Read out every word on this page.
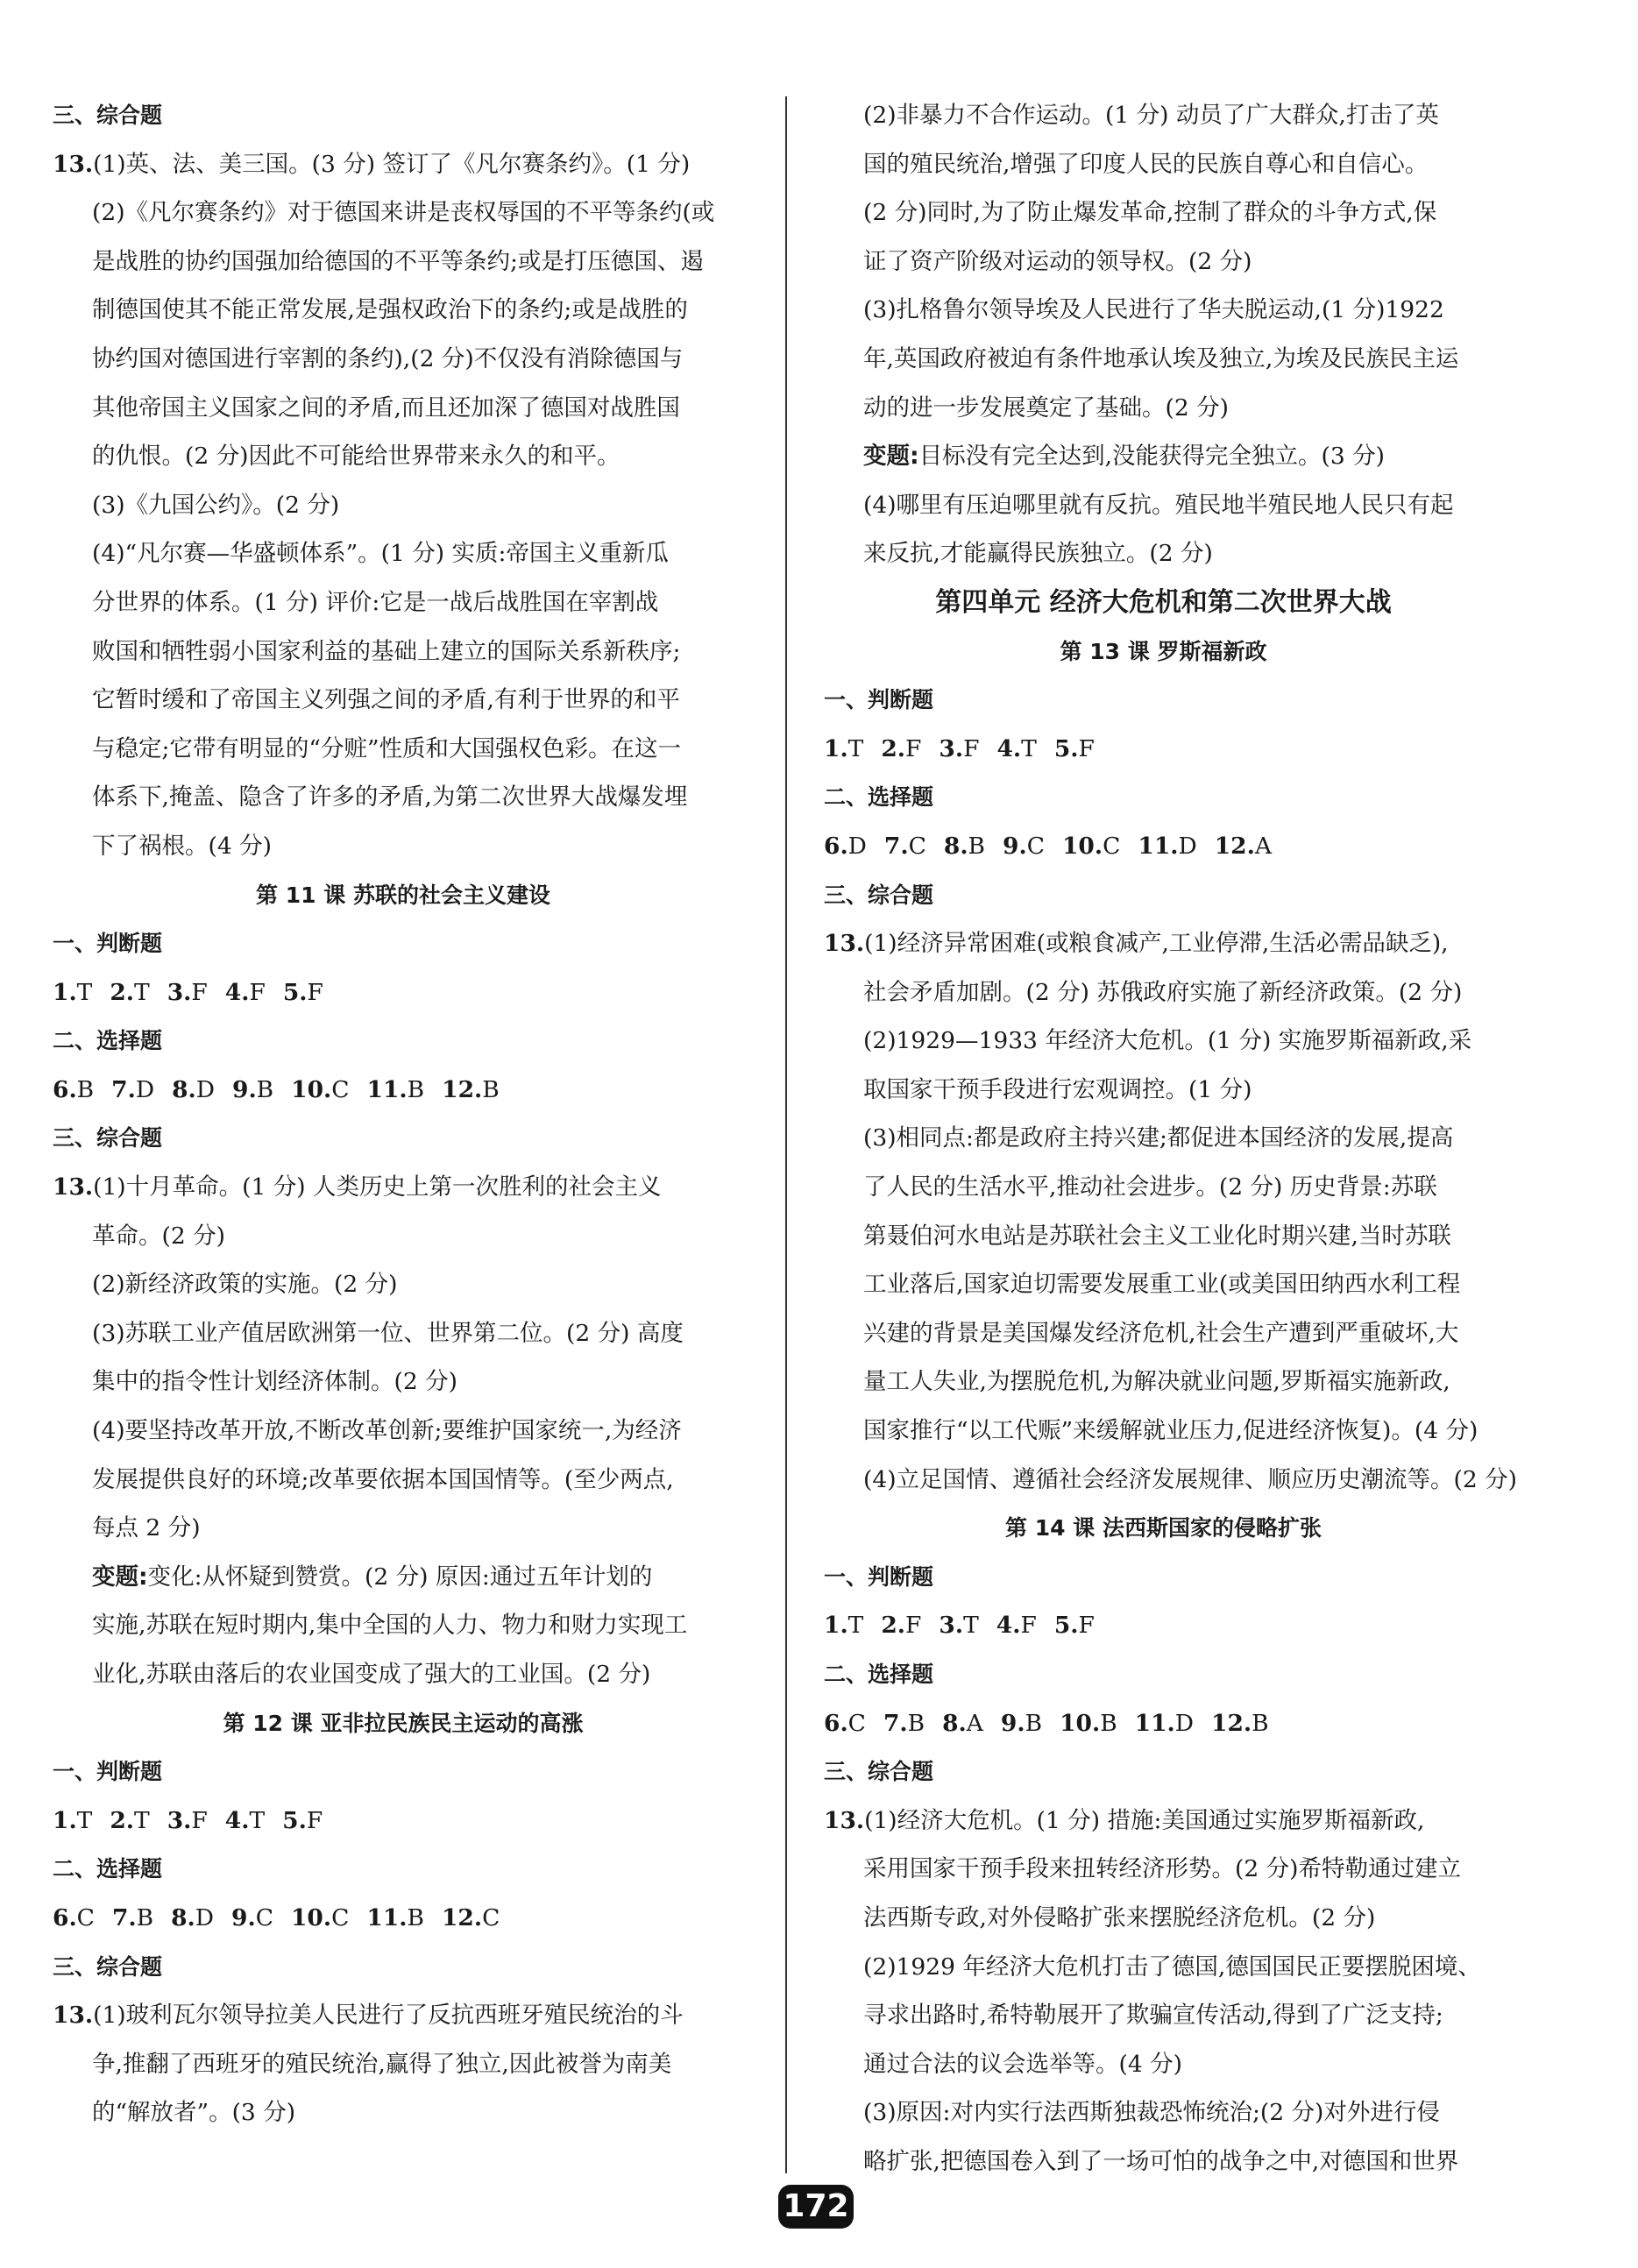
三、综合题

13.(1)英、法、美三国。(3 分) 签订了《凡尔赛条约》。(1 分)

(2)《凡尔赛条约》对于德国来讲是丧权辱国的不平等条约(或

是战胜的协约国强加给德国的不平等条约;或是打压德国、遏

制德国使其不能正常发展,是强权政治下的条约;或是战胜的

协约国对德国进行宰割的条约),(2 分)不仅没有消除德国与

其他帝国主义国家之间的矛盾,而且还加深了德国对战胜国

的仇恨。(2 分)因此不可能给世界带来永久的和平。

(3)《九国公约》。(2 分)

(4)“凡尔赛—华盛顿体系”。(1 分) 实质:帝国主义重新瓜

分世界的体系。(1 分) 评价:它是一战后战胜国在宰割战

败国和牺牲弱小国家利益的基础上建立的国际关系新秩序;

它暂时缓和了帝国主义列强之间的矛盾,有利于世界的和平

与稳定;它带有明显的“分赃”性质和大国强权色彩。在这一

体系下,掩盖、隐含了许多的矛盾,为第二次世界大战爆发埋

下了祸根。(4 分)

第 11 课 苏联的社会主义建设

一、判断题

1.T 2.T 3.F 4.F 5.F

二、选择题

6.B 7.D 8.D 9.B 10.C 11.B 12.B

三、综合题

13.(1)十月革命。(1 分) 人类历史上第一次胜利的社会主义

革命。(2 分)

(2)新经济政策的实施。(2 分)

(3)苏联工业产值居欧洲第一位、世界第二位。(2 分) 高度

集中的指令性计划经济体制。(2 分)

(4)要坚持改革开放,不断改革创新;要维护国家统一,为经济

发展提供良好的环境;改革要依据本国国情等。(至少两点,

每点 2 分)

变题:变化:从怀疑到赞赏。(2 分) 原因:通过五年计划的

实施,苏联在短时期内,集中全国的人力、物力和财力实现工

业化,苏联由落后的农业国变成了强大的工业国。(2 分)

第 12 课 亚非拉民族民主运动的高涨

一、判断题

1.T 2.T 3.F 4.T 5.F

二、选择题

6.C 7.B 8.D 9.C 10.C 11.B 12.C

三、综合题

13.(1)玻利瓦尔领导拉美人民进行了反抗西班牙殖民统治的斗

争,推翻了西班牙的殖民统治,赢得了独立,因此被誉为南美

的“解放者”。(3 分)

(2)非暴力不合作运动。(1 分) 动员了广大群众,打击了英

国的殖民统治,增强了印度人民的民族自尊心和自信心。

(2 分)同时,为了防止爆发革命,控制了群众的斗争方式,保

证了资产阶级对运动的领导权。(2 分)

(3)扎格鲁尔领导埃及人民进行了华夫脱运动,(1 分)1922

年,英国政府被迫有条件地承认埃及独立,为埃及民族民主运

动的进一步发展奠定了基础。(2 分)

变题:目标没有完全达到,没能获得完全独立。(3 分)

(4)哪里有压迫哪里就有反抗。殖民地半殖民地人民只有起

来反抗,才能赢得民族独立。(2 分)

第四单元 经济大危机和第二次世界大战

第 13 课 罗斯福新政

一、判断题

1.T 2.F 3.F 4.T 5.F

二、选择题

6.D 7.C 8.B 9.C 10.C 11.D 12.A

三、综合题

13.(1)经济异常困难(或粮食减产,工业停滞,生活必需品缺乏),

社会矛盾加剧。(2 分) 苏俄政府实施了新经济政策。(2 分)

(2)1929—1933 年经济大危机。(1 分) 实施罗斯福新政,采

取国家干预手段进行宏观调控。(1 分)

(3)相同点:都是政府主持兴建;都促进本国经济的发展,提高

了人民的生活水平,推动社会进步。(2 分) 历史背景:苏联

第聂伯河水电站是苏联社会主义工业化时期兴建,当时苏联

工业落后,国家迫切需要发展重工业(或美国田纳西水利工程

兴建的背景是美国爆发经济危机,社会生产遭到严重破坏,大

量工人失业,为摆脱危机,为解决就业问题,罗斯福实施新政,

国家推行“以工代赈”来缓解就业压力,促进经济恢复)。(4 分)

(4)立足国情、遵循社会经济发展规律、顺应历史潮流等。(2 分)

第 14 课 法西斯国家的侵略扩张

一、判断题

1.T 2.F 3.T 4.F 5.F

二、选择题

6.C 7.B 8.A 9.B 10.B 11.D 12.B

三、综合题

13.(1)经济大危机。(1 分) 措施:美国通过实施罗斯福新政,

采用国家干预手段来扭转经济形势。(2 分)希特勒通过建立

法西斯专政,对外侵略扩张来摆脱经济危机。(2 分)

(2)1929 年经济大危机打击了德国,德国国民正要摆脱困境、

寻求出路时,希特勒展开了欺骗宣传活动,得到了广泛支持;

通过合法的议会选举等。(4 分)

(3)原因:对内实行法西斯独裁恐怖统治;(2 分)对外进行侵

略扩张,把德国卷入到了一场可怕的战争之中,对德国和世界

172
